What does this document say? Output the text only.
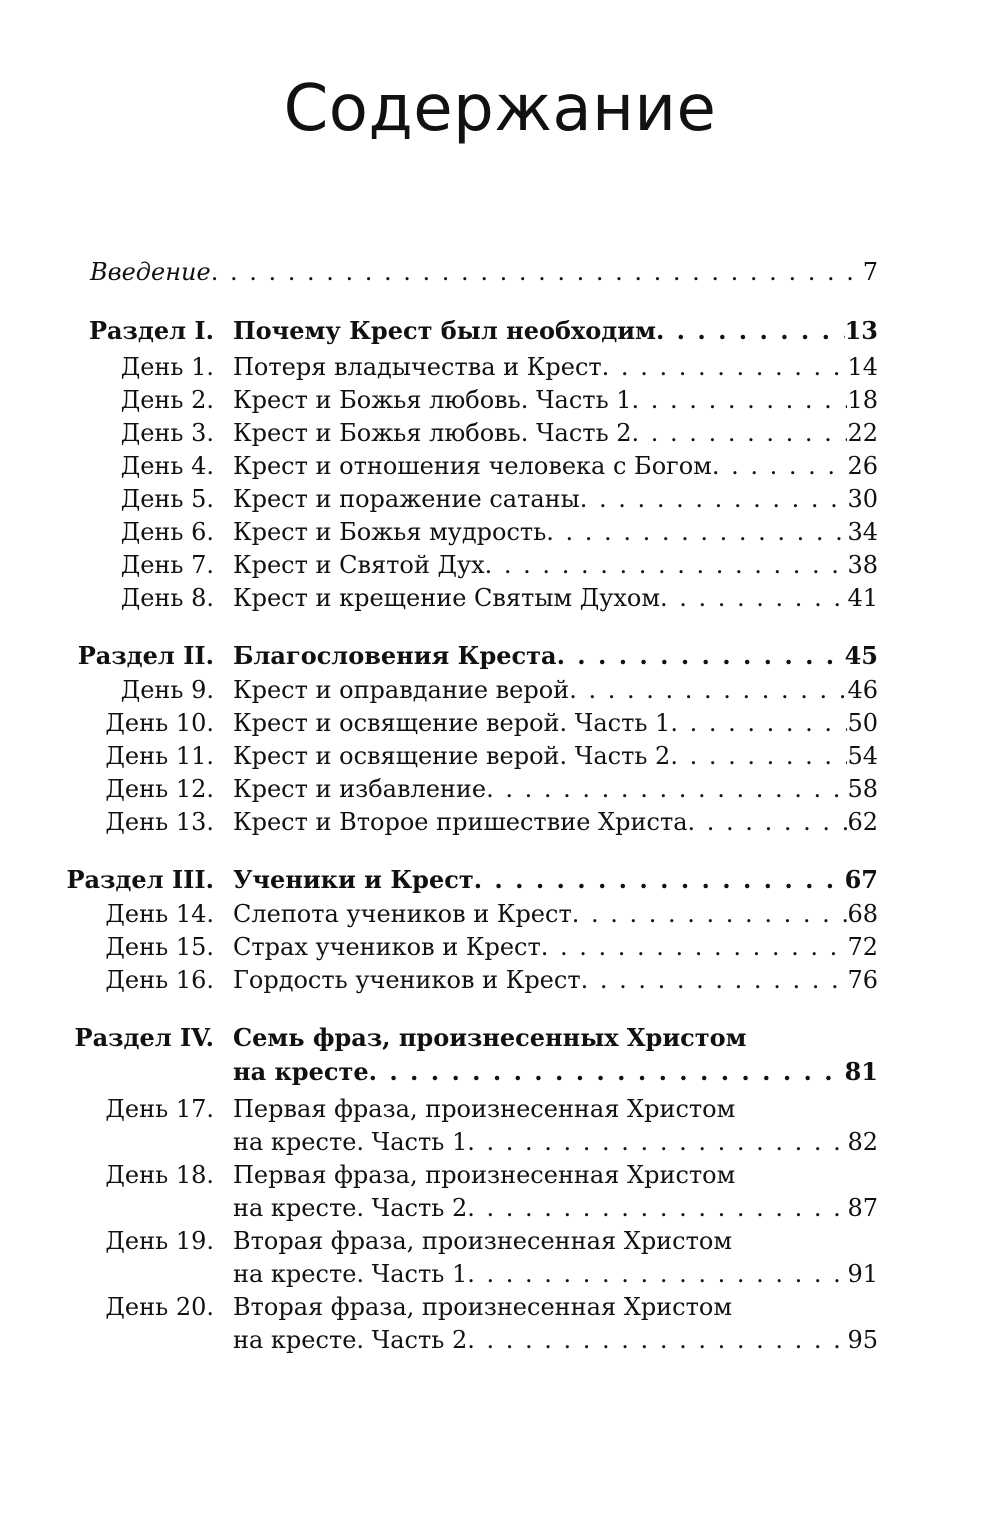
Содержание
Введение . . .	7
Раздел I. Почему Крест был необходим . . .	13
День 1. Потеря владычества и Крест . . .	14
День 2. Крест и Божья любовь. Часть 1 . . .	18
День 3. Крест и Божья любовь. Часть 2 . . .	22
День 4. Крест и отношения человека с Богом . . .	26
День 5. Крест и поражение сатаны . . .	30
День 6. Крест и Божья мудрость . . .	34
День 7. Крест и Святой Дух . . .	38
День 8. Крест и крещение Святым Духом . . .	41
Раздел II. Благословения Креста . . .	45
День 9. Крест и оправдание верой . . .	46
День 10. Крест и освящение верой. Часть 1 . . .	50
День 11. Крест и освящение верой. Часть 2 . . .	54
День 12. Крест и избавление . . .	58
День 13. Крест и Второе пришествие Христа . . .	62
Раздел III. Ученики и Крест . . .	67
День 14. Слепота учеников и Крест . . .	68
День 15. Страх учеников и Крест . . .	72
День 16. Гордость учеников и Крест . . .	76
Раздел IV. Семь фраз, произнесенных Христом
на кресте . . .	81
День 17. Первая фраза, произнесенная Христом
на кресте. Часть 1 . . .	82
День 18. Первая фраза, произнесенная Христом
на кресте. Часть 2 . . .	87
День 19. Вторая фраза, произнесенная Христом
на кресте. Часть 1 . . .	91
День 20. Вторая фраза, произнесенная Христом
на кресте. Часть 2 . . .	95
